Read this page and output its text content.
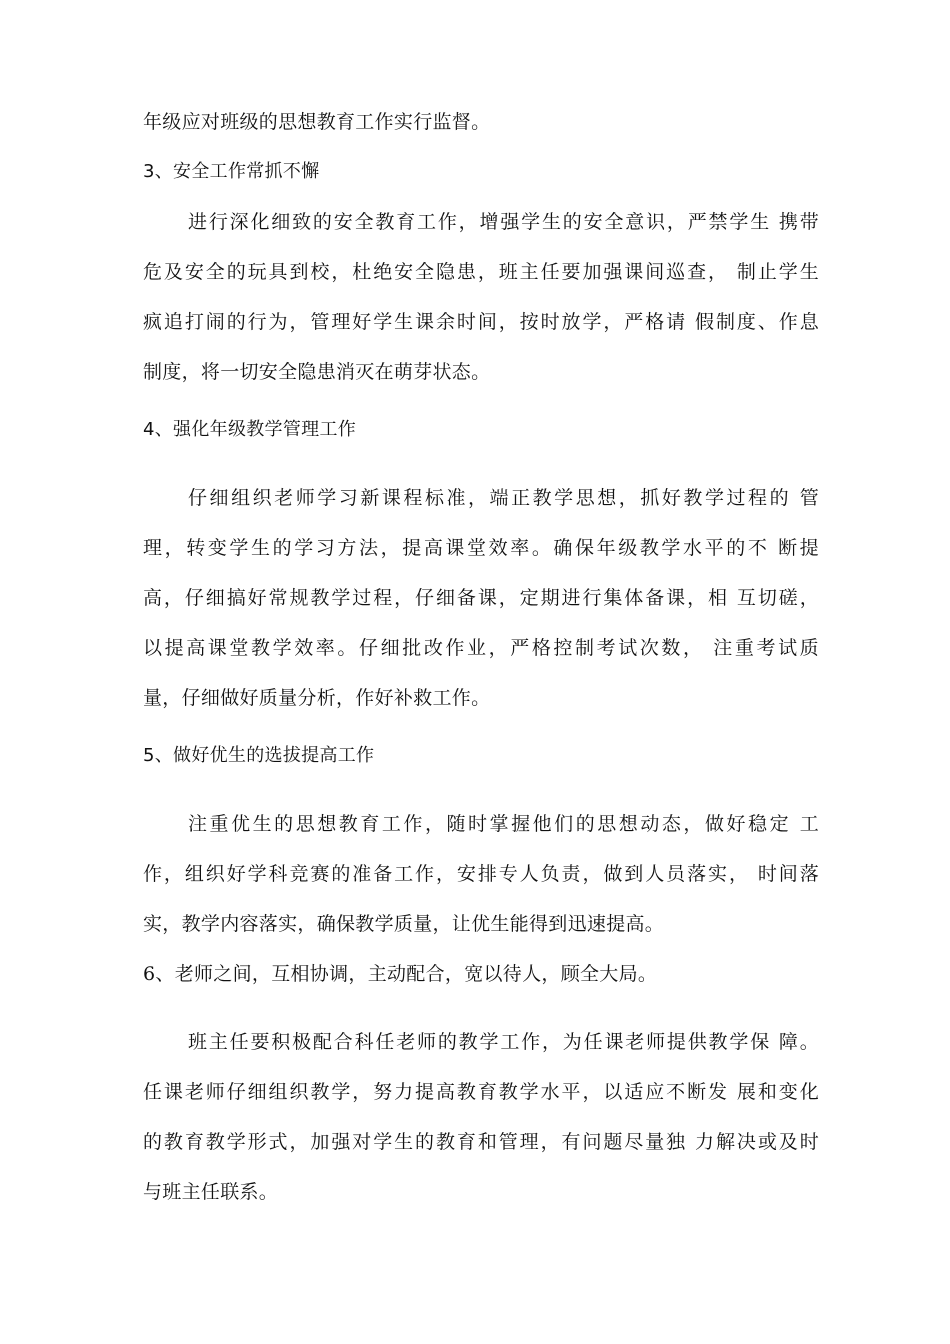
年级应对班级的思想教育工作实行监督。
3、安全工作常抓不懈
进行深化细致的安全教育工作，增强学生的安全意识，严禁学生 携带
危及安全的玩具到校，杜绝安全隐患，班主任要加强课间巡查， 制止学生
疯追打闹的行为，管理好学生课余时间，按时放学，严格请 假制度、作息
制度，将一切安全隐患消灭在萌芽状态。
4、强化年级教学管理工作
仔细组织老师学习新课程标准，端正教学思想，抓好教学过程的 管
理，转变学生的学习方法，提高课堂效率。确保年级教学水平的不 断提
高，仔细搞好常规教学过程，仔细备课，定期进行集体备课，相 互切磋，
以提高课堂教学效率。仔细批改作业，严格控制考试次数， 注重考试质
量，仔细做好质量分析，作好补救工作。
5、做好优生的选拔提高工作
注重优生的思想教育工作，随时掌握他们的思想动态，做好稳定 工
作，组织好学科竞赛的准备工作，安排专人负责，做到人员落实， 时间落
实，教学内容落实，确保教学质量，让优生能得到迅速提高。
6、老师之间，互相协调，主动配合，宽以待人，顾全大局。
班主任要积极配合科任老师的教学工作，为任课老师提供教学保 障。
任课老师仔细组织教学，努力提高教育教学水平，以适应不断发 展和变化
的教育教学形式，加强对学生的教育和管理，有问题尽量独 力解决或及时
与班主任联系。
